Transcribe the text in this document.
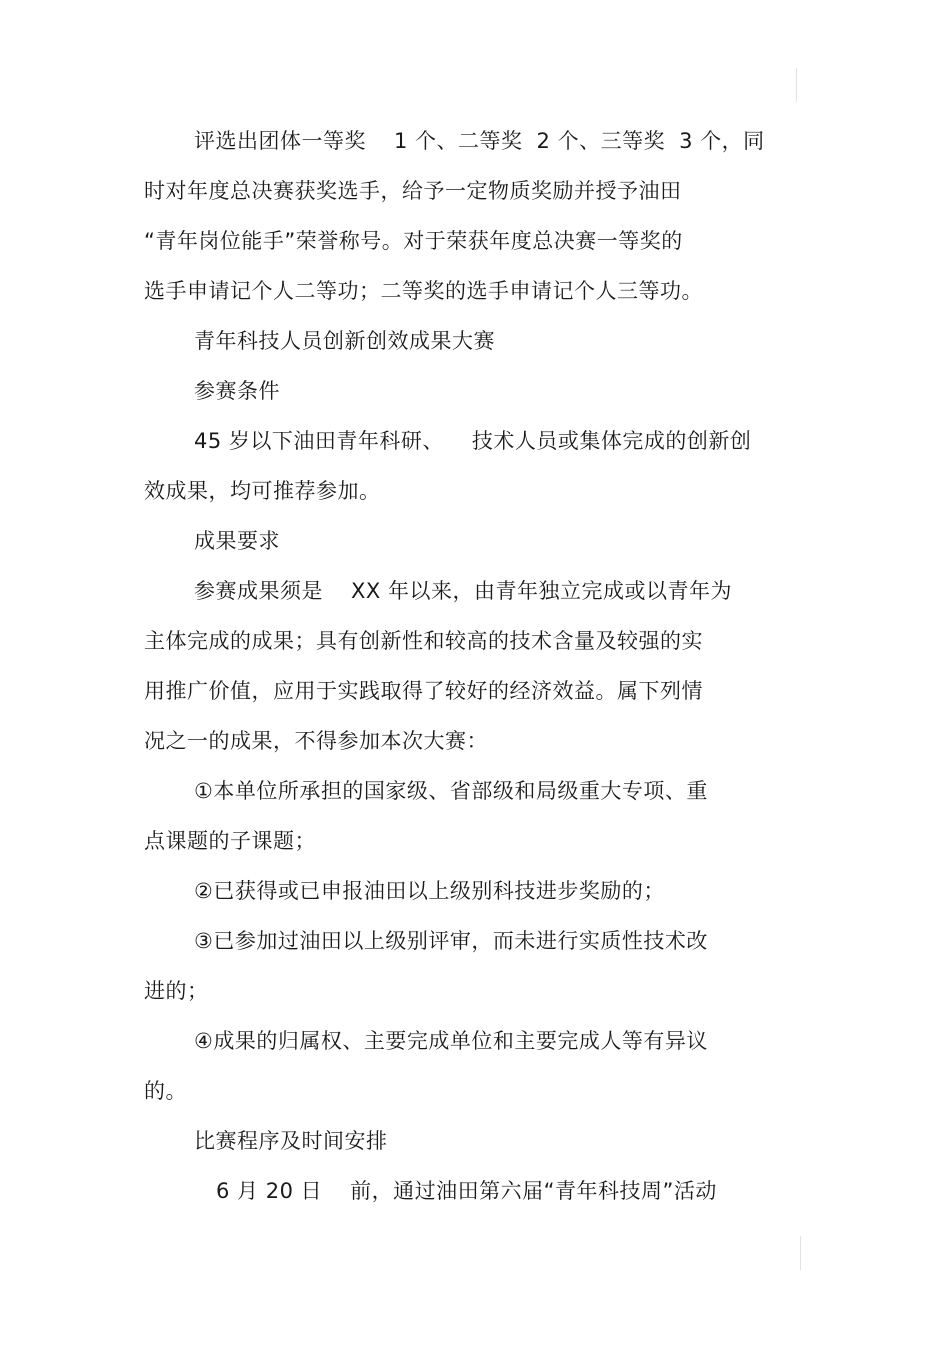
评选出团体一等奖 1 个、二等奖 2 个、三等奖 3 个，同
时对年度总决赛获奖选手，给予一定物质奖励并授予油田
“青年岗位能手”荣誉称号。对于荣获年度总决赛一等奖的
选手申请记个人二等功；二等奖的选手申请记个人三等功。
青年科技人员创新创效成果大赛
参赛条件
45 岁以下油田青年科研、 技术人员或集体完成的创新创
效成果，均可推荐参加。
成果要求
参赛成果须是 XX 年以来，由青年独立完成或以青年为
主体完成的成果；具有创新性和较高的技术含量及较强的实
用推广价值，应用于实践取得了较好的经济效益。属下列情
况之一的成果，不得参加本次大赛：
①本单位所承担的国家级、省部级和局级重大专项、重
点课题的子课题；
②已获得或已申报油田以上级别科技进步奖励的；
③已参加过油田以上级别评审，而未进行实质性技术改
进的；
④成果的归属权、主要完成单位和主要完成人等有异议
的。
比赛程序及时间安排
6 月 20 日 前，通过油田第六届“青年科技周”活动
